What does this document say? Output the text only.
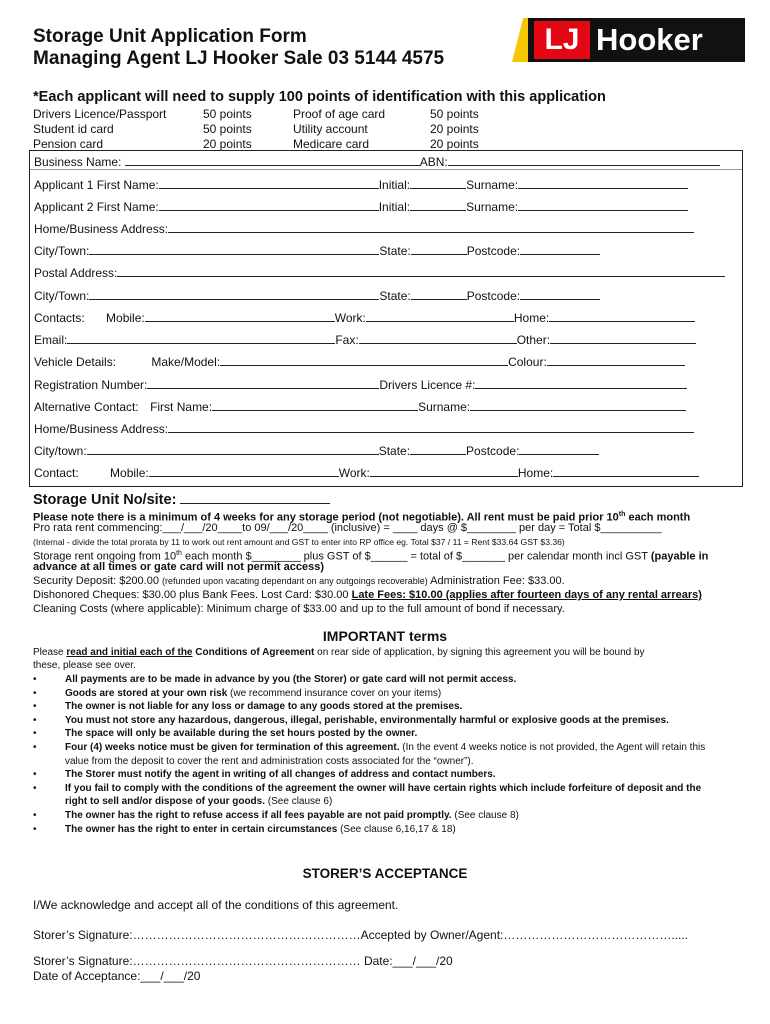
Storage Unit Application Form
Managing Agent LJ Hooker Sale 03 5144 4575
LJ Hooker
*Each applicant will need to supply 100 points of identification with this application
Drivers Licence/Passport	50 points	Proof of age card	50 points
Student id card	50 points	Utility account	20 points
Pension card	20 points	Medicare card	20 points
Business Name:	ABN:
Applicant 1 First Name:	Initial:	Surname:
Applicant 2 First Name:	Initial:	Surname:
Home/Business Address:
City/Town:	State:	Postcode:
Postal Address:
City/Town:	State:	Postcode:
Contacts: Mobile:	Work:	Home:
Email:	Fax:	Other:
Vehicle Details:	Make/Model:	Colour:
Registration Number:	Drivers Licence #:
Alternative Contact: First Name:	Surname:
Home/Business Address:
City/town:	State:	Postcode:
Contact:	Mobile:	Work:	Home:
Storage Unit No/site:
Please note there is a minimum of 4 weeks for any storage period (not negotiable). All rent must be paid prior 10th each month
Pro rata rent commencing:___/___/20____to 09/___/20____ (inclusive) = ____ days @ $________ per day = Total $__________
(Internal - divide the total prorata by 11 to work out rent amount and GST to enter into RP office eg. Total $37 / 11 = Rent $33.64 GST $3.36)
Storage rent ongoing from 10th each month $________ plus GST of $______ = total of $_______ per calendar month incl GST (payable in
advance at all times or gate card will not permit access)
Security Deposit: $200.00 (refunded upon vacating dependant on any outgoings recoverable) Administration Fee: $33.00.
Dishonored Cheques: $30.00 plus Bank Fees. Lost Card: $30.00 Late Fees: $10.00 (applies after fourteen days of any rental arrears)
Cleaning Costs (where applicable): Minimum charge of $33.00 and up to the full amount of bond if necessary.
IMPORTANT terms
Please read and initial each of the Conditions of Agreement on rear side of application, by signing this agreement you will be bound by
these, please see over.
•	All payments are to be made in advance by you (the Storer) or gate card will not permit access.
•	Goods are stored at your own risk (we recommend insurance cover on your items)
•	The owner is not liable for any loss or damage to any goods stored at the premises.
•	You must not store any hazardous, dangerous, illegal, perishable, environmentally harmful or explosive goods at the premises.
•	The space will only be available during the set hours posted by the owner.
•	Four (4) weeks notice must be given for termination of this agreement. (In the event 4 weeks notice is not provided, the Agent will retain this value from the deposit to cover the rent and administration costs associated for the “owner”).
•	The Storer must notify the agent in writing of all changes of address and contact numbers.
•	If you fail to comply with the conditions of the agreement the owner will have certain rights which include forfeiture of deposit and the right to sell and/or dispose of your goods. (See clause 6)
•	The owner has the right to refuse access if all fees payable are not paid promptly. (See clause 8)
•	The owner has the right to enter in certain circumstances (See clause 6,16,17 & 18)
STORER’S ACCEPTANCE
I/We acknowledge and accept all of the conditions of this agreement.
Storer’s Signature:…………………………………………………Accepted by Owner/Agent:…………………………………….....
Storer’s Signature:………………………………………………… Date:___/___/20
Date of Acceptance:___/___/20
